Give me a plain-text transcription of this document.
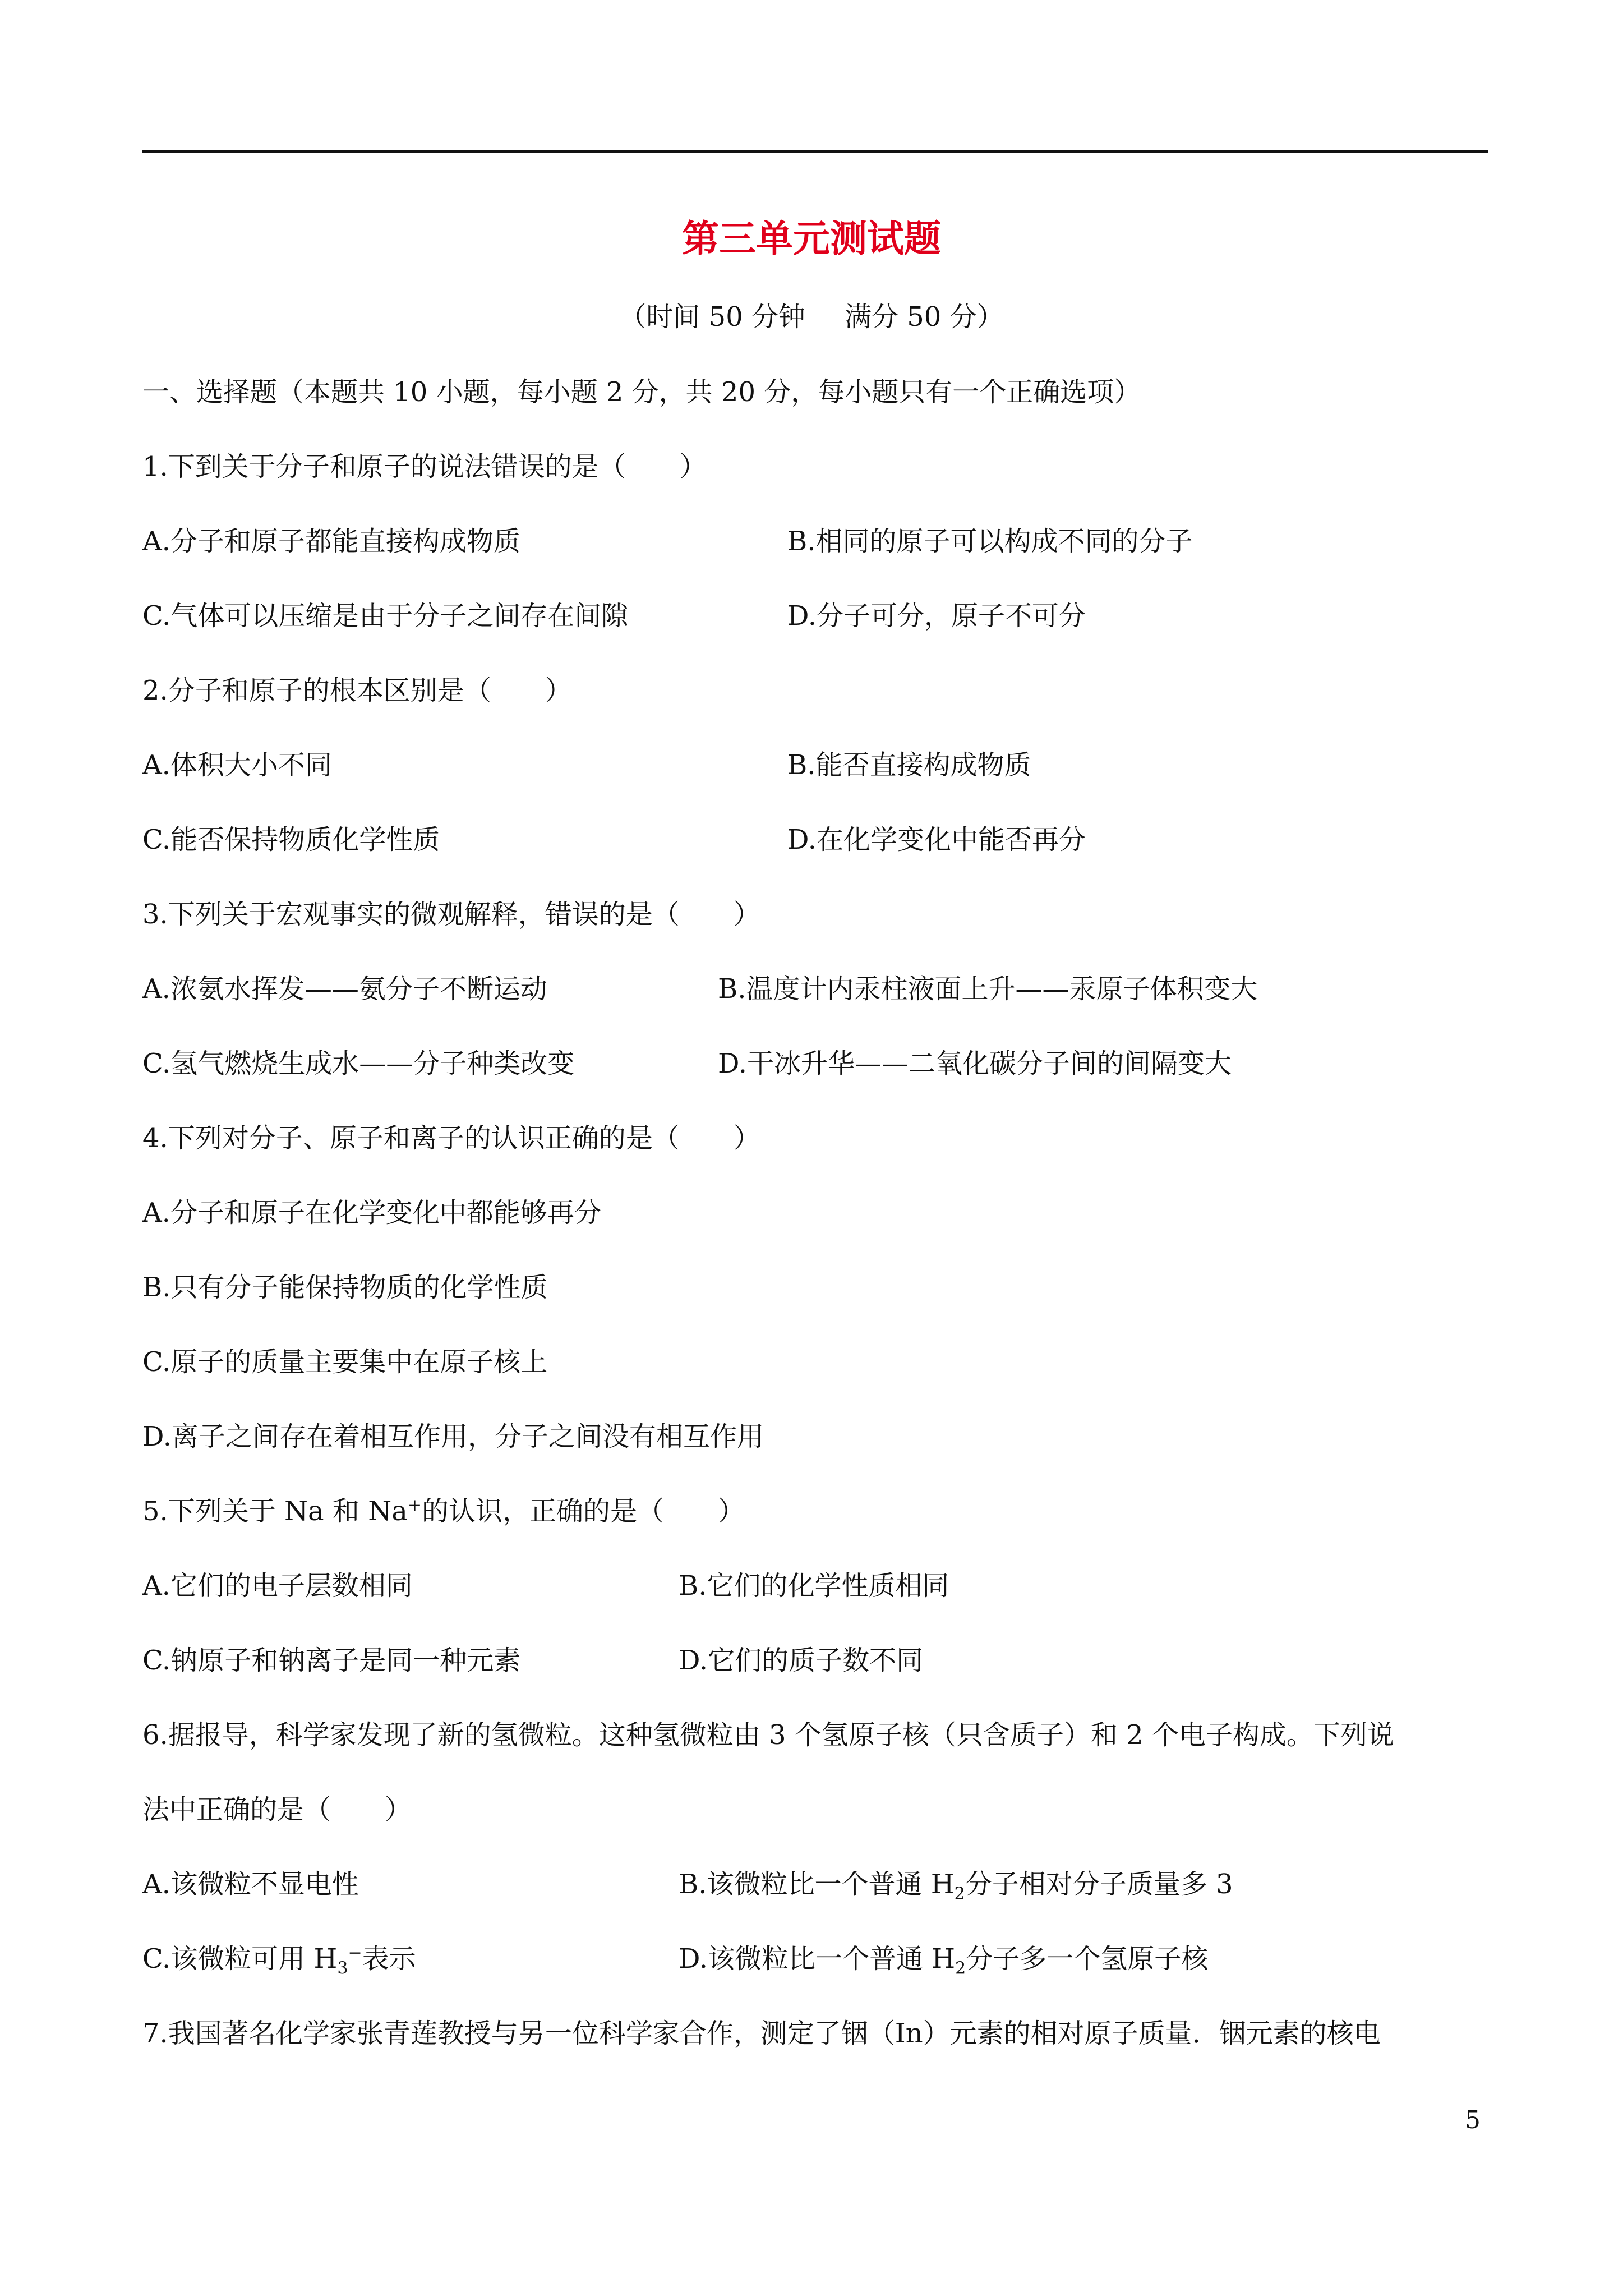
第三单元测试题
（时间 50 分钟 满分 50 分）
一、选择题（本题共 10 小题，每小题 2 分，共 20 分，每小题只有一个正确选项）
1.下到关于分子和原子的说法错误的是（　　）
A.分子和原子都能直接构成物质	B.相同的原子可以构成不同的分子
C.气体可以压缩是由于分子之间存在间隙	D.分子可分，原子不可分
2.分子和原子的根本区别是（　　）
A.体积大小不同	B.能否直接构成物质
C.能否保持物质化学性质	D.在化学变化中能否再分
3.下列关于宏观事实的微观解释，错误的是（　　）
A.浓氨水挥发——氨分子不断运动	B.温度计内汞柱液面上升——汞原子体积变大
C.氢气燃烧生成水——分子种类改变	D.干冰升华——二氧化碳分子间的间隔变大
4.下列对分子、原子和离子的认识正确的是（　　）
A.分子和原子在化学变化中都能够再分
B.只有分子能保持物质的化学性质
C.原子的质量主要集中在原子核上
D.离子之间存在着相互作用，分子之间没有相互作用
5.下列关于 Na 和 Na+的认识，正确的是（　　）
A.它们的电子层数相同	B.它们的化学性质相同
C.钠原子和钠离子是同一种元素	D.它们的质子数不同
6.据报导，科学家发现了新的氢微粒。这种氢微粒由 3 个氢原子核（只含质子）和 2 个电子构成。下列说
法中正确的是（　　）
A.该微粒不显电性	B.该微粒比一个普通 $H_2$分子相对分子质量多 3
C.该微粒可用 $H_3^-$表示	D.该微粒比一个普通 $H_2$分子多一个氢原子核
7.我国著名化学家张青莲教授与另一位科学家合作，测定了铟（In）元素的相对原子质量．铟元素的核电
5
